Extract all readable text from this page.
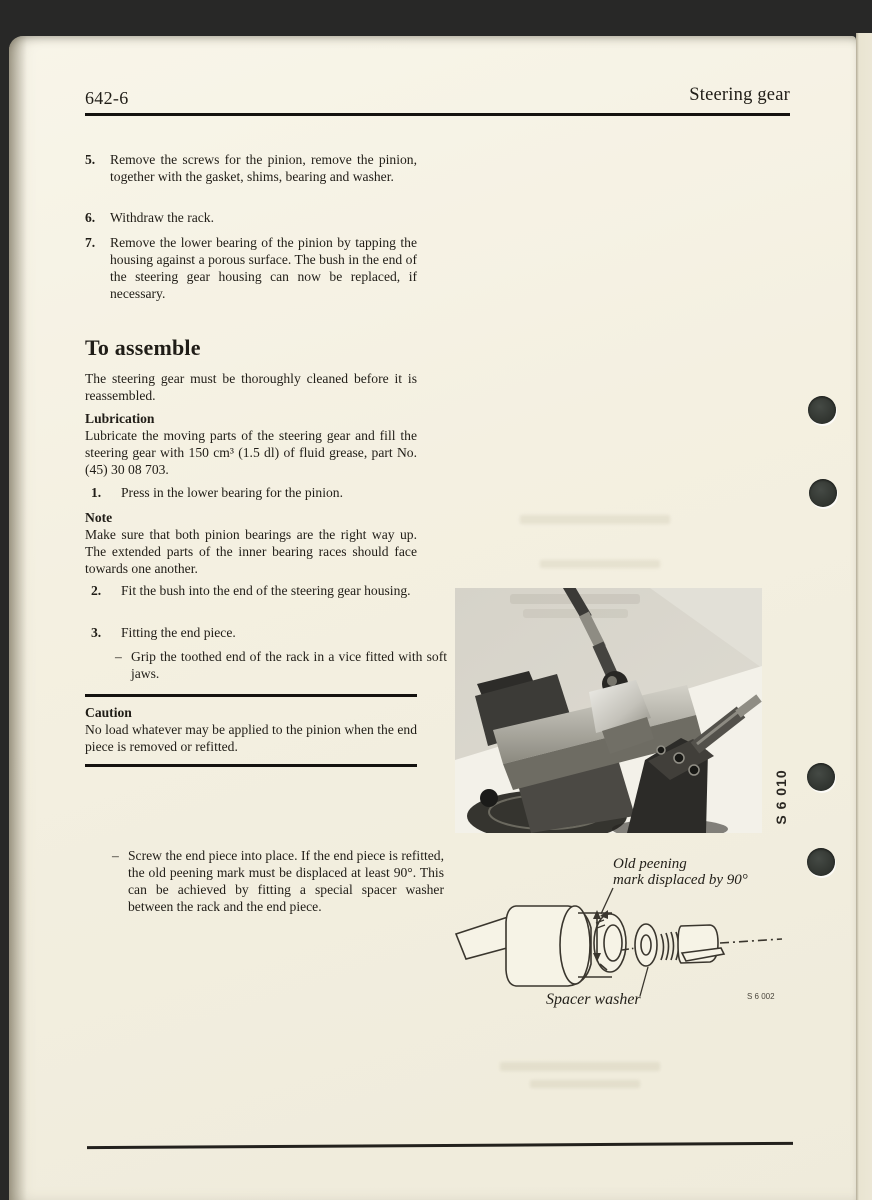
642-6	Steering gear
5.	Remove the screws for the pinion, remove the pinion, together with the gasket, shims, bearing and washer.
6.	Withdraw the rack.
7.	Remove the lower bearing of the pinion by tapping the housing against a porous surface. The bush in the end of the steering gear housing can now be replaced, if necessary.
To assemble
The steering gear must be thoroughly cleaned before it is reassembled.
Lubrication
Lubricate the moving parts of the steering gear and fill the steering gear with 150 cm³ (1.5 dl) of fluid grease, part No. (45) 30 08 703.
1.	Press in the lower bearing for the pinion.
Note
Make sure that both pinion bearings are the right way up. The extended parts of the inner bearing races should face towards one another.
2.	Fit the bush into the end of the steering gear housing.
3.	Fitting the end piece.
– Grip the toothed end of the rack in a vice fitted with soft jaws.
Caution
No load whatever may be applied to the pinion when the end piece is removed or refitted.
– Screw the end piece into place. If the end piece is refitted, the old peening mark must be displaced at least 90°. This can be achieved by fitting a special spacer washer between the rack and the end piece.
S 6 010
Old peening
mark displaced by 90°
Spacer washer	S 6 002
